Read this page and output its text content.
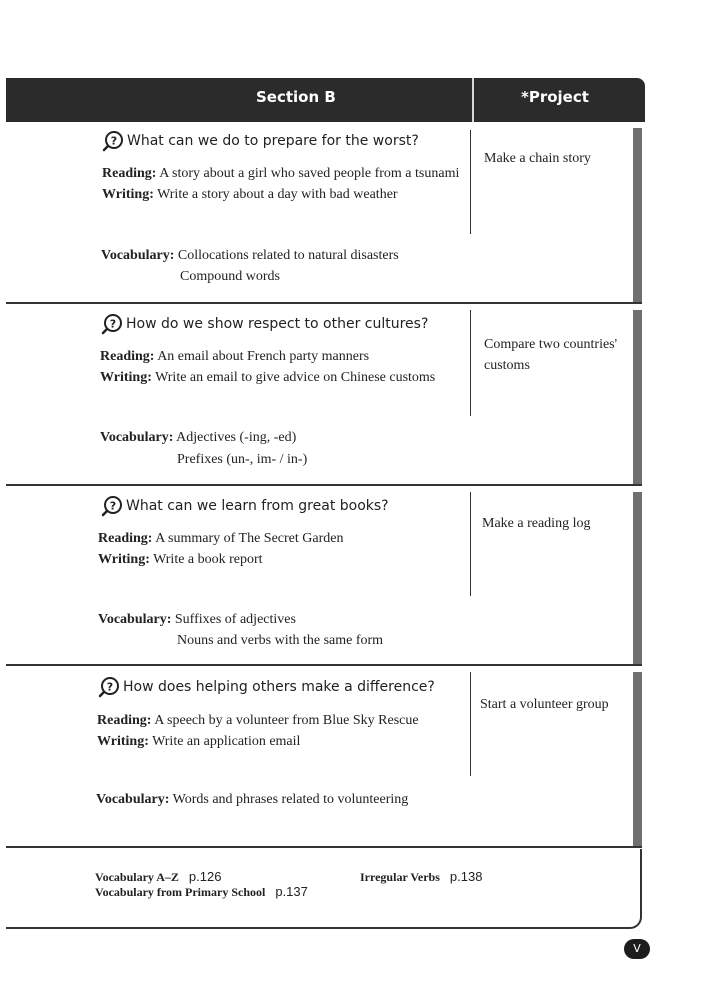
Section B	*Project
? What can we do to prepare for the worst?
Reading: A story about a girl who saved people from a tsunami
Writing: Write a story about a day with bad weather
Vocabulary: Collocations related to natural disasters
Compound words
Make a chain story
? How do we show respect to other cultures?
Reading: An email about French party manners
Writing: Write an email to give advice on Chinese customs
Vocabulary: Adjectives (-ing, -ed)
Prefixes (un-, im- / in-)
Compare two countries' customs
? What can we learn from great books?
Reading: A summary of The Secret Garden
Writing: Write a book report
Vocabulary: Suffixes of adjectives
Nouns and verbs with the same form
Make a reading log
? How does helping others make a difference?
Reading: A speech by a volunteer from Blue Sky Rescue
Writing: Write an application email
Vocabulary: Words and phrases related to volunteering
Start a volunteer group
Vocabulary A–Z p.126
Vocabulary from Primary School p.137
Irregular Verbs p.138
V
